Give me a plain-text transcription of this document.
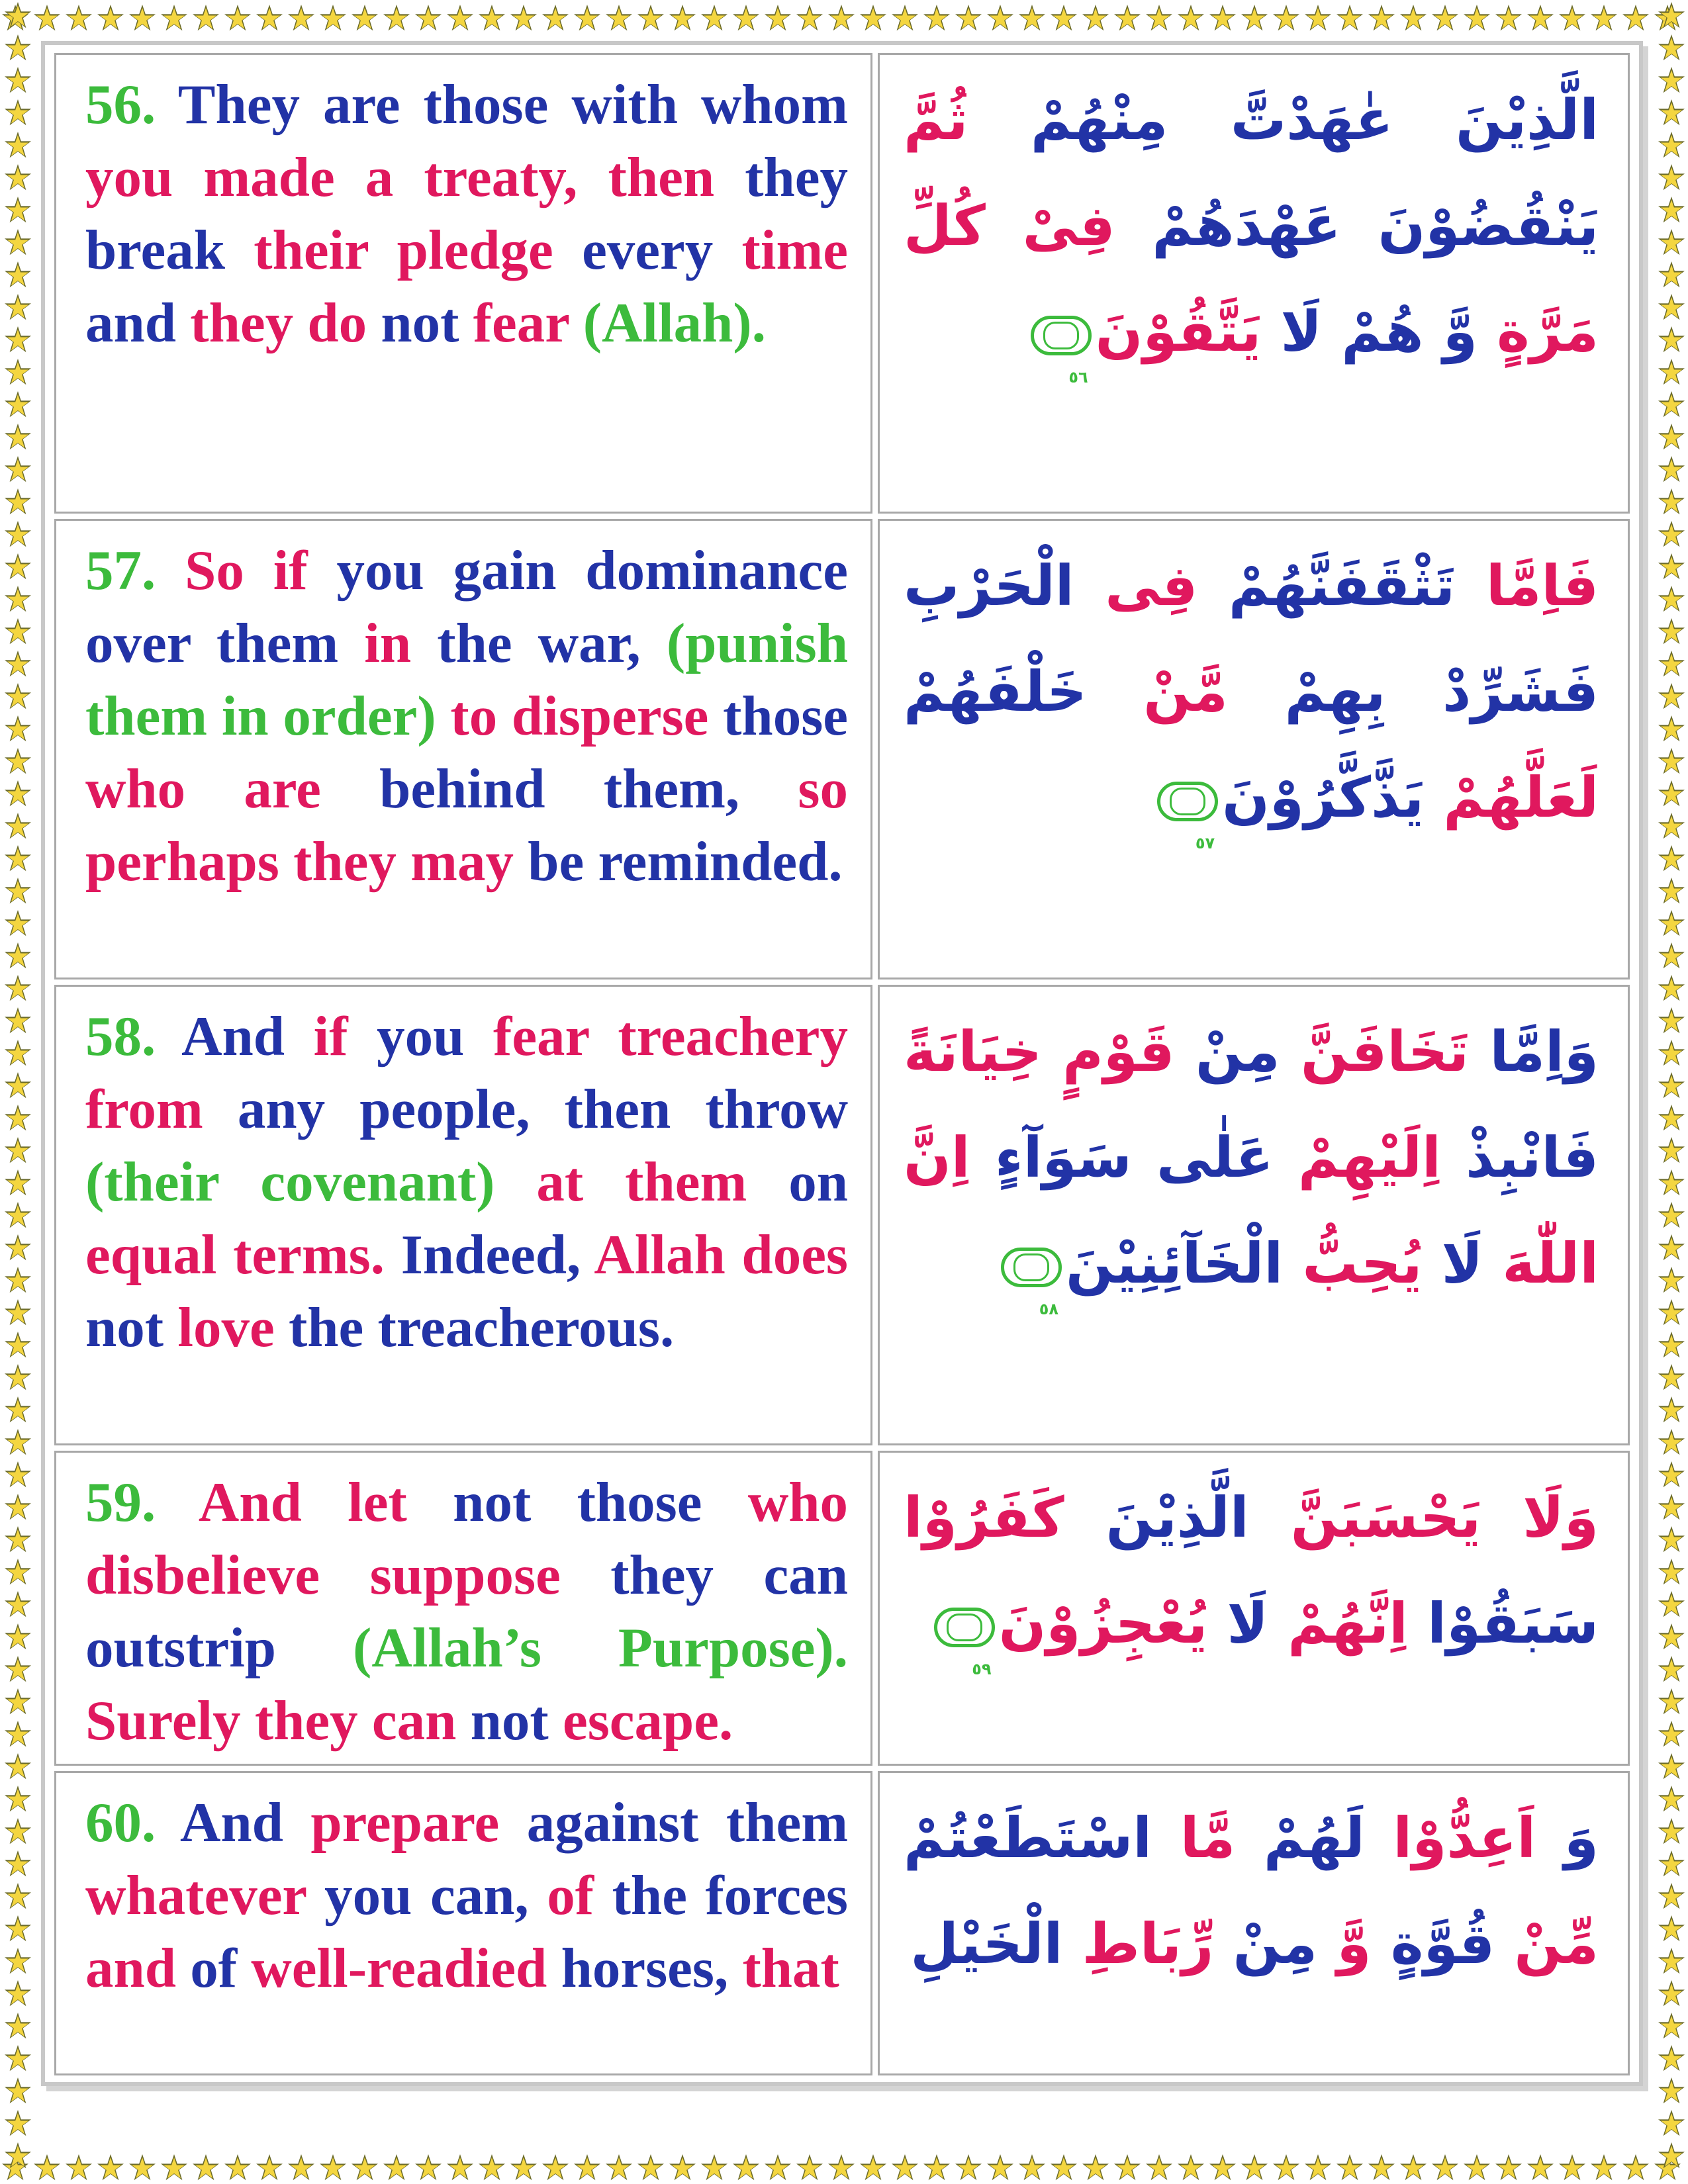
56. They are those with whom you made a treaty, then they break their pledge every time and they do not fear (Allah).

الَّذِيْنَ عٰهَدْتَّ مِنْهُمْ ثُمَّ يَنْقُضُوْنَ عَهْدَهُمْ فِىْ كُلِّ مَرَّةٍ وَّ هُمْ لَا يَتَّقُوْنَ
٥٦

57. So if you gain dominance over them in the war, (punish them in order) to disperse those who are behind them, so perhaps they may be reminded.

فَاِمَّا تَثْقَفَنَّهُمْ فِى الْحَرْبِ فَشَرِّدْ بِهِمْ مَّنْ خَلْفَهُمْ لَعَلَّهُمْ يَذَّكَّرُوْنَ
٥٧

58. And if you fear treachery from any people, then throw (their covenant) at them on equal terms. Indeed, Allah does not love the treacherous.

وَاِمَّا تَخَافَنَّ مِنْ قَوْمٍ خِيَانَةً فَانْبِذْ اِلَيْهِمْ عَلٰى سَوَآءٍ اِنَّ اللّٰهَ لَا يُحِبُّ الْخَآئِنِيْنَ
٥٨

59. And let not those who disbelieve suppose they can outstrip (Allah’s Purpose). Surely they can not escape.

وَلَا يَحْسَبَنَّ الَّذِيْنَ كَفَرُوْا سَبَقُوْا اِنَّهُمْ لَا يُعْجِزُوْنَ
٥٩

60. And prepare against them whatever you can, of the forces and of well-readied horses, that

وَ اَعِدُّوْا لَهُمْ مَّا اسْتَطَعْتُمْ مِّنْ قُوَّةٍ وَّ مِنْ رِّبَاطِ الْخَيْلِ
